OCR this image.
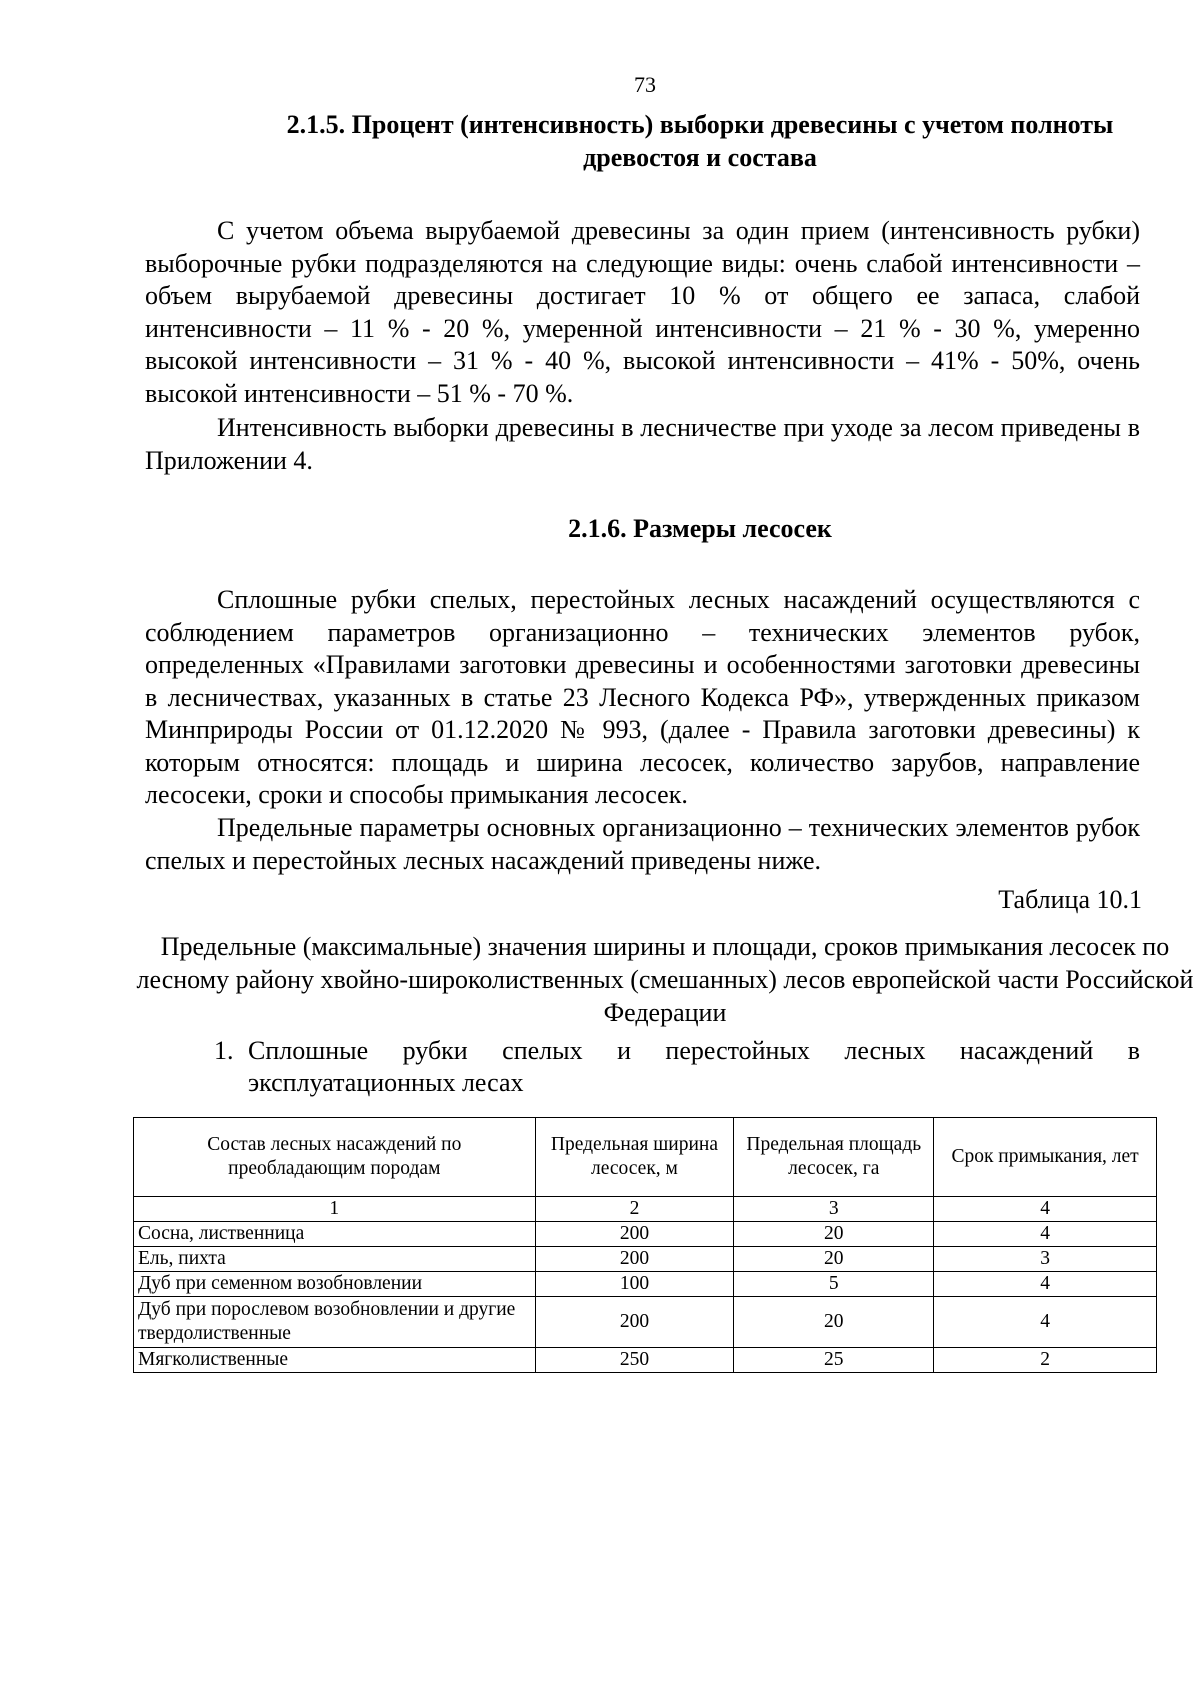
73
2.1.5. Процент (интенсивность) выборки древесины с учетом полноты
древостоя и состава

С учетом объема вырубаемой древесины за один прием (интенсивность рубки) выборочные рубки подразделяются на следующие виды: очень слабой интенсивности – объем вырубаемой древесины достигает 10 % от общего ее запаса, слабой интенсивности – 11 % - 20 %, умеренной интенсивности – 21 % - 30 %, умеренно высокой интенсивности – 31 % - 40 %, высокой интенсивности – 41% - 50%, очень высокой интенсивности – 51 % - 70 %.

Интенсивность выборки древесины в лесничестве при уходе за лесом приведены в Приложении 4.

2.1.6. Размеры лесосек

Сплошные рубки спелых, перестойных лесных насаждений осуществляются с соблюдением параметров организационно – технических элементов рубок, определенных «Правилами заготовки древесины и особенностями заготовки древесины в лесничествах, указанных в статье 23 Лесного Кодекса РФ», утвержденных приказом Минприроды России от 01.12.2020 № 993, (далее - Правила заготовки древесины) к которым относятся: площадь и ширина лесосек, количество зарубов, направление лесосеки, сроки и способы примыкания лесосек.

Предельные параметры основных организационно – технических элементов рубок спелых и перестойных лесных насаждений приведены ниже.

Таблица 10.1

Предельные (максимальные) значения ширины и площади, сроков примыкания лесосек по лесному району хвойно-широколиственных (смешанных) лесов европейской части Российской Федерации

1. Сплошные рубки спелых и перестойных лесных насаждений в
эксплуатационных лесах
Состав лесных насаждений по преобладающим породам	Предельная ширина лесосек, м	Предельная площадь лесосек, га	Срок примыкания, лет
1	2	3	4
Сосна, лиственница	200	20	4
Ель, пихта	200	20	3
Дуб при семенном возобновлении	100	5	4
Дуб при порослевом возобновлении и другие твердолиственные	200	20	4
Мягколиственные	250	25	2
